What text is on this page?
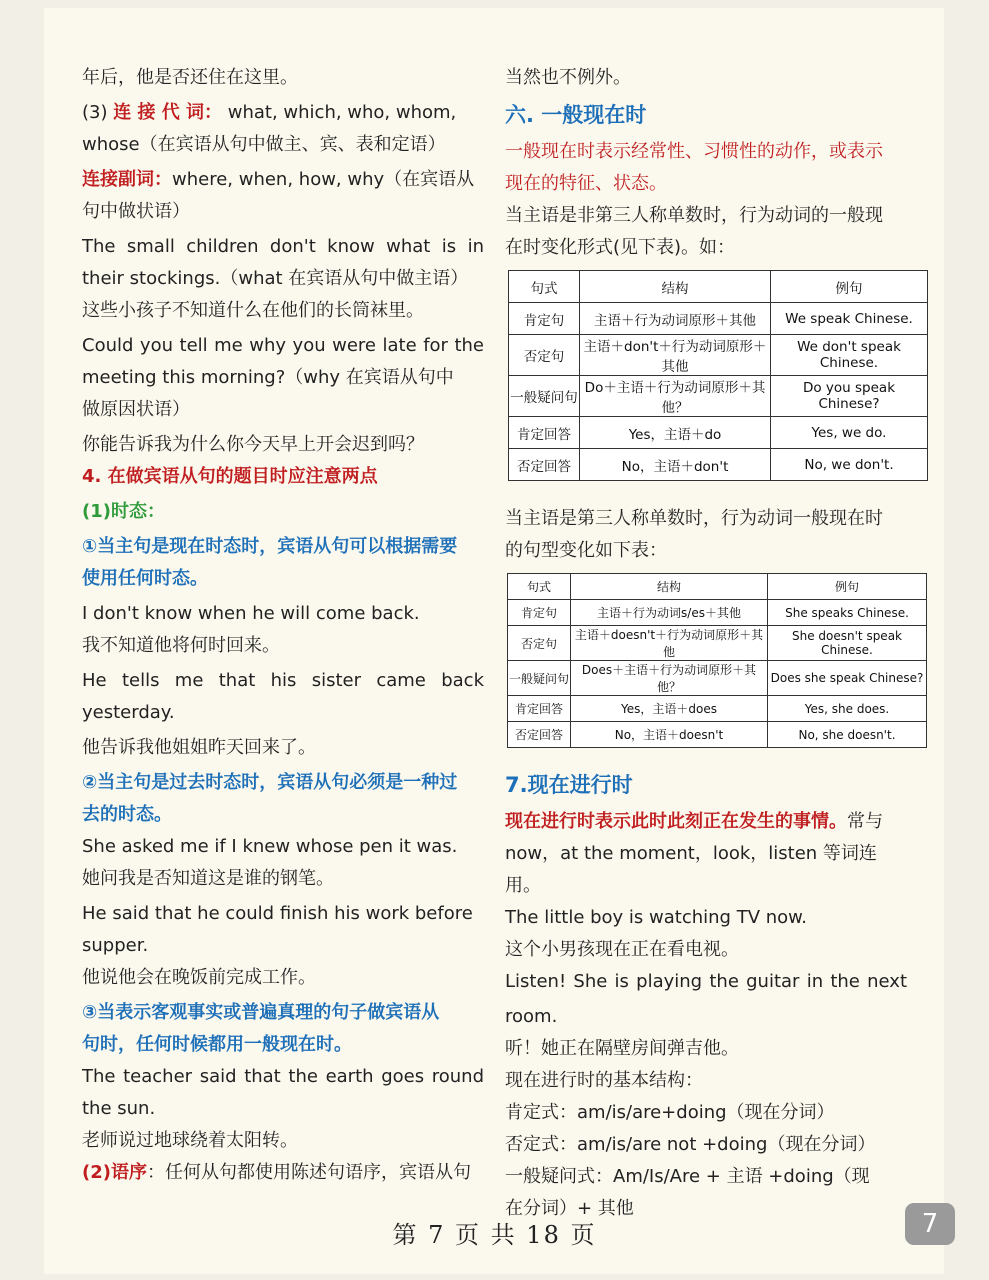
年后，他是否还住在这里。

(3) 连 接 代 词： what, which, who, whom,

whose（在宾语从句中做主、宾、表和定语）

连接副词：where, when, how, why（在宾语从

句中做状语）

The small children don't know what is in

their stockings.（what 在宾语从句中做主语）

这些小孩子不知道什么在他们的长筒袜里。

Could you tell me why you were late for the

meeting this morning?（why 在宾语从句中

做原因状语）

你能告诉我为什么你今天早上开会迟到吗？

4. 在做宾语从句的题目时应注意两点

(1)时态：

①当主句是现在时态时，宾语从句可以根据需要

使用任何时态。

I don't know when he will come back.

我不知道他将何时回来。

He tells me that his sister came back

yesterday.

他告诉我他姐姐昨天回来了。

②当主句是过去时态时，宾语从句必须是一种过

去的时态。

She asked me if I knew whose pen it was.

她问我是否知道这是谁的钢笔。

He said that he could finish his work before

supper.

他说他会在晚饭前完成工作。

③当表示客观事实或普遍真理的句子做宾语从

句时，任何时候都用一般现在时。

The teacher said that the earth goes round

the sun.

老师说过地球绕着太阳转。

(2)语序：任何从句都使用陈述句语序，宾语从句

当然也不例外。

六. 一般现在时

一般现在时表示经常性、习惯性的动作，或表示

现在的特征、状态。

当主语是非第三人称单数时，行为动词的一般现

在时变化形式(见下表)。如：

句式	结构	例句
肯定句	主语＋行为动词原形＋其他	We speak Chinese.
否定句	主语＋don't＋行为动词原形＋其他	We don't speak Chinese.
一般疑问句	Do＋主语＋行为动词原形＋其他？	Do you speak Chinese?
肯定回答	Yes，主语＋do	Yes, we do.
否定回答	No，主语＋don't	No, we don't.

当主语是第三人称单数时，行为动词一般现在时

的句型变化如下表：

句式	结构	例句
肯定句	主语＋行为动词s/es＋其他	She speaks Chinese.
否定句	主语＋doesn't＋行为动词原形＋其他	She doesn't speak Chinese.
一般疑问句	Does＋主语＋行为动词原形＋其他？	Does she speak Chinese?
肯定回答	Yes，主语＋does	Yes, she does.
否定回答	No，主语＋doesn't	No, she doesn't.

7.现在进行时

现在进行时表示此时此刻正在发生的事情。常与

now，at the moment，look，listen 等词连用。

The little boy is watching TV now.

这个小男孩现在正在看电视。

Listen! She is playing the guitar in the next

room.

听！她正在隔壁房间弹吉他。

现在进行时的基本结构：

肯定式：am/is/are+doing（现在分词）

否定式：am/is/are not +doing（现在分词）

一般疑问式：Am/Is/Are + 主语 +doing（现

在分词）+ 其他

第 7 页 共 18 页	7
